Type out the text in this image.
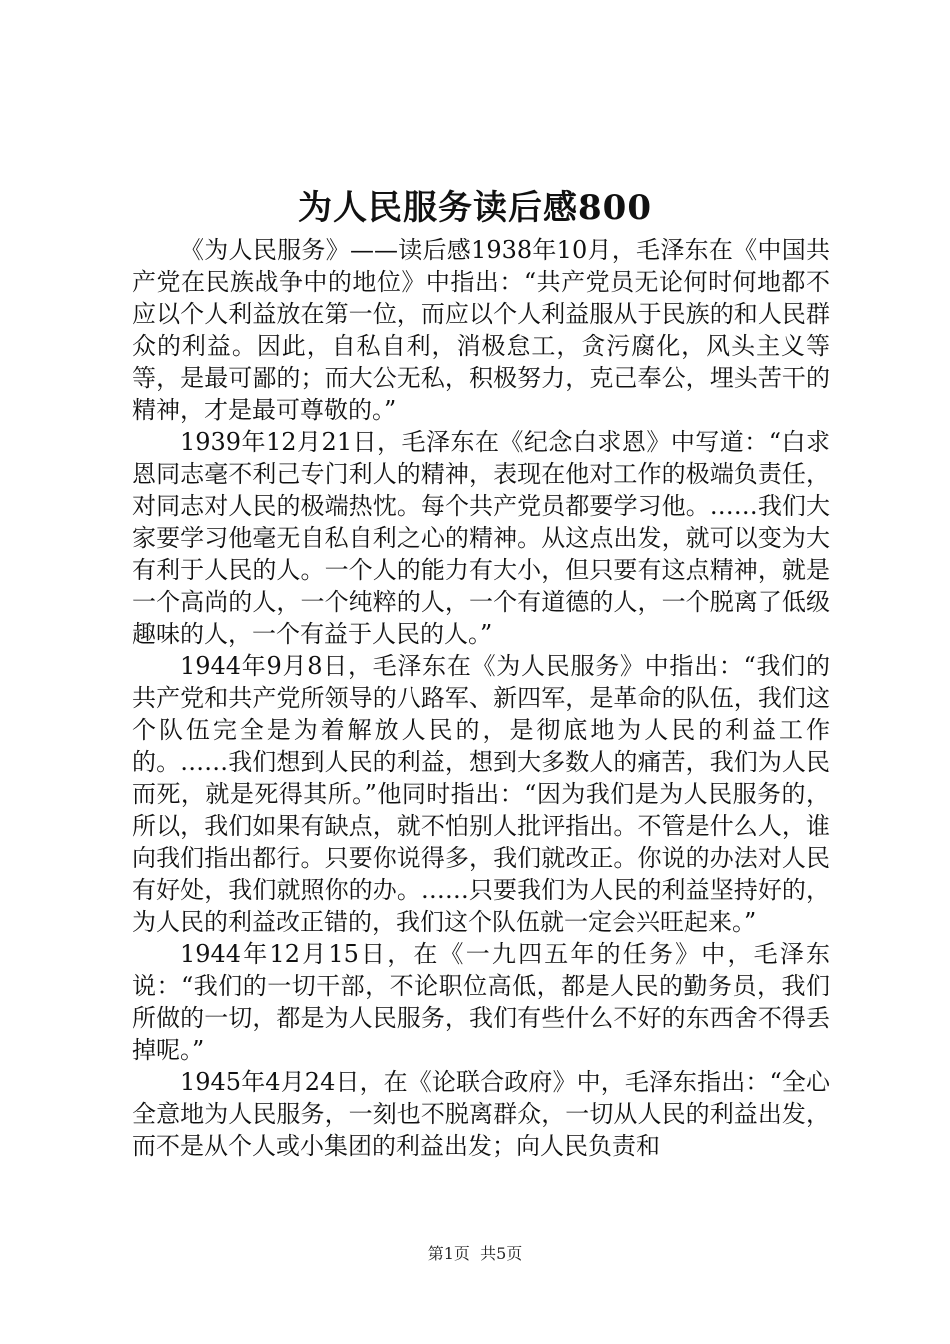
为人民服务读后感800

《为人民服务》——读后感1938年10月，毛泽东在《中国共产党在民族战争中的地位》中指出：“共产党员无论何时何地都不应以个人利益放在第一位，而应以个人利益服从于民族的和人民群众的利益。因此，自私自利，消极怠工，贪污腐化，风头主义等等，是最可鄙的；而大公无私，积极努力，克己奉公，埋头苦干的精神，才是最可尊敬的。”

1939年12月21日，毛泽东在《纪念白求恩》中写道：“白求恩同志毫不利己专门利人的精神，表现在他对工作的极端负责任，对同志对人民的极端热忱。每个共产党员都要学习他。……我们大家要学习他毫无自私自利之心的精神。从这点出发，就可以变为大有利于人民的人。一个人的能力有大小，但只要有这点精神，就是一个高尚的人，一个纯粹的人，一个有道德的人，一个脱离了低级趣味的人，一个有益于人民的人。”

1944年9月8日，毛泽东在《为人民服务》中指出：“我们的共产党和共产党所领导的八路军、新四军，是革命的队伍，我们这个队伍完全是为着解放人民的，是彻底地为人民的利益工作的。……我们想到人民的利益，想到大多数人的痛苦，我们为人民而死，就是死得其所。”他同时指出：“因为我们是为人民服务的，所以，我们如果有缺点，就不怕别人批评指出。不管是什么人，谁向我们指出都行。只要你说得多，我们就改正。你说的办法对人民有好处，我们就照你的办。……只要我们为人民的利益坚持好的，为人民的利益改正错的，我们这个队伍就一定会兴旺起来。”

1944年12月15日，在《一九四五年的任务》中，毛泽东说：“我们的一切干部，不论职位高低，都是人民的勤务员，我们所做的一切，都是为人民服务，我们有些什么不好的东西舍不得丢掉呢。”

1945年4月24日，在《论联合政府》中，毛泽东指出：“全心全意地为人民服务，一刻也不脱离群众，一切从人民的利益出发，而不是从个人或小集团的利益出发；向人民负责和

第1页  共5页
